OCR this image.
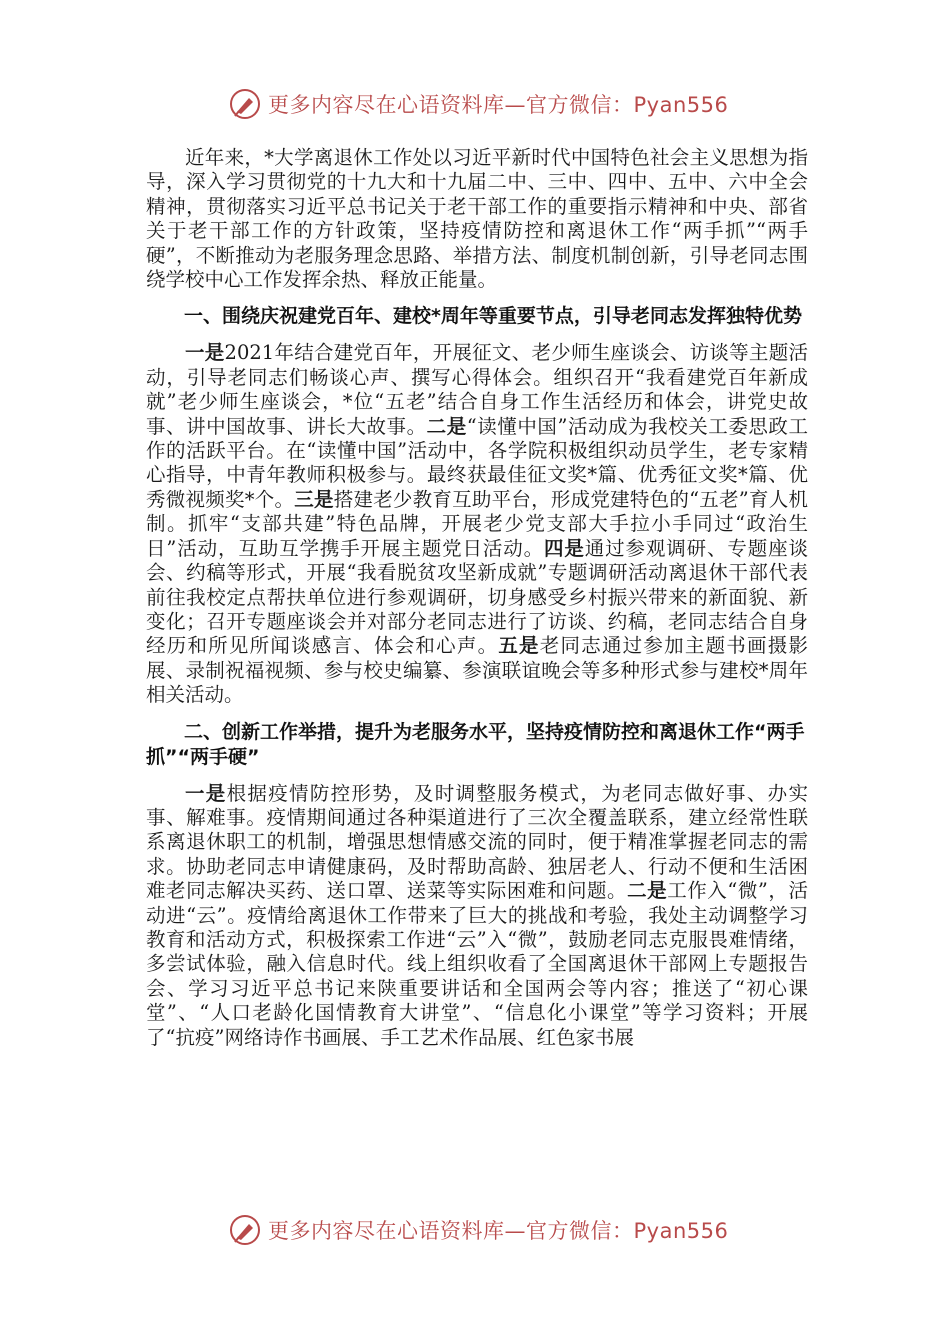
更多内容尽在心语资料库—官方微信：Pyan556

近年来，*大学离退休工作处以习近平新时代中国特色社会主义思想为指导，深入学习贯彻党的十九大和十九届二中、三中、四中、五中、六中全会精神，贯彻落实习近平总书记关于老干部工作的重要指示精神和中央、部省关于老干部工作的方针政策，坚持疫情防控和离退休工作“两手抓”“两手硬”，不断推动为老服务理念思路、举措方法、制度机制创新，引导老同志围绕学校中心工作发挥余热、释放正能量。

一、围绕庆祝建党百年、建校*周年等重要节点，引导老同志发挥独特优势

一是2021年结合建党百年，开展征文、老少师生座谈会、访谈等主题活动，引导老同志们畅谈心声、撰写心得体会。组织召开“我看建党百年新成就”老少师生座谈会，*位“五老”结合自身工作生活经历和体会，讲党史故事、讲中国故事、讲长大故事。二是“读懂中国”活动成为我校关工委思政工作的活跃平台。在“读懂中国”活动中，各学院积极组织动员学生，老专家精心指导，中青年教师积极参与。最终获最佳征文奖*篇、优秀征文奖*篇、优秀微视频奖*个。三是搭建老少教育互助平台，形成党建特色的“五老”育人机制。抓牢“支部共建”特色品牌，开展老少党支部大手拉小手同过“政治生日”活动，互助互学携手开展主题党日活动。四是通过参观调研、专题座谈会、约稿等形式，开展“我看脱贫攻坚新成就”专题调研活动离退休干部代表前往我校定点帮扶单位进行参观调研，切身感受乡村振兴带来的新面貌、新变化；召开专题座谈会并对部分老同志进行了访谈、约稿，老同志结合自身经历和所见所闻谈感言、体会和心声。五是老同志通过参加主题书画摄影展、录制祝福视频、参与校史编纂、参演联谊晚会等多种形式参与建校*周年相关活动。

二、创新工作举措，提升为老服务水平，坚持疫情防控和离退休工作“两手抓”“两手硬”

一是根据疫情防控形势，及时调整服务模式，为老同志做好事、办实事、解难事。疫情期间通过各种渠道进行了三次全覆盖联系，建立经常性联系离退休职工的机制，增强思想情感交流的同时，便于精准掌握老同志的需求。协助老同志申请健康码，及时帮助高龄、独居老人、行动不便和生活困难老同志解决买药、送口罩、送菜等实际困难和问题。二是工作入“微”，活动进“云”。疫情给离退休工作带来了巨大的挑战和考验，我处主动调整学习教育和活动方式，积极探索工作进“云”入“微”，鼓励老同志克服畏难情绪，多尝试体验，融入信息时代。线上组织收看了全国离退休干部网上专题报告会、学习习近平总书记来陕重要讲话和全国两会等内容；推送了“初心课堂”、“人口老龄化国情教育大讲堂”、“信息化小课堂”等学习资料；开展了“抗疫”网络诗作书画展、手工艺术作品展、红色家书展

更多内容尽在心语资料库—官方微信：Pyan556
